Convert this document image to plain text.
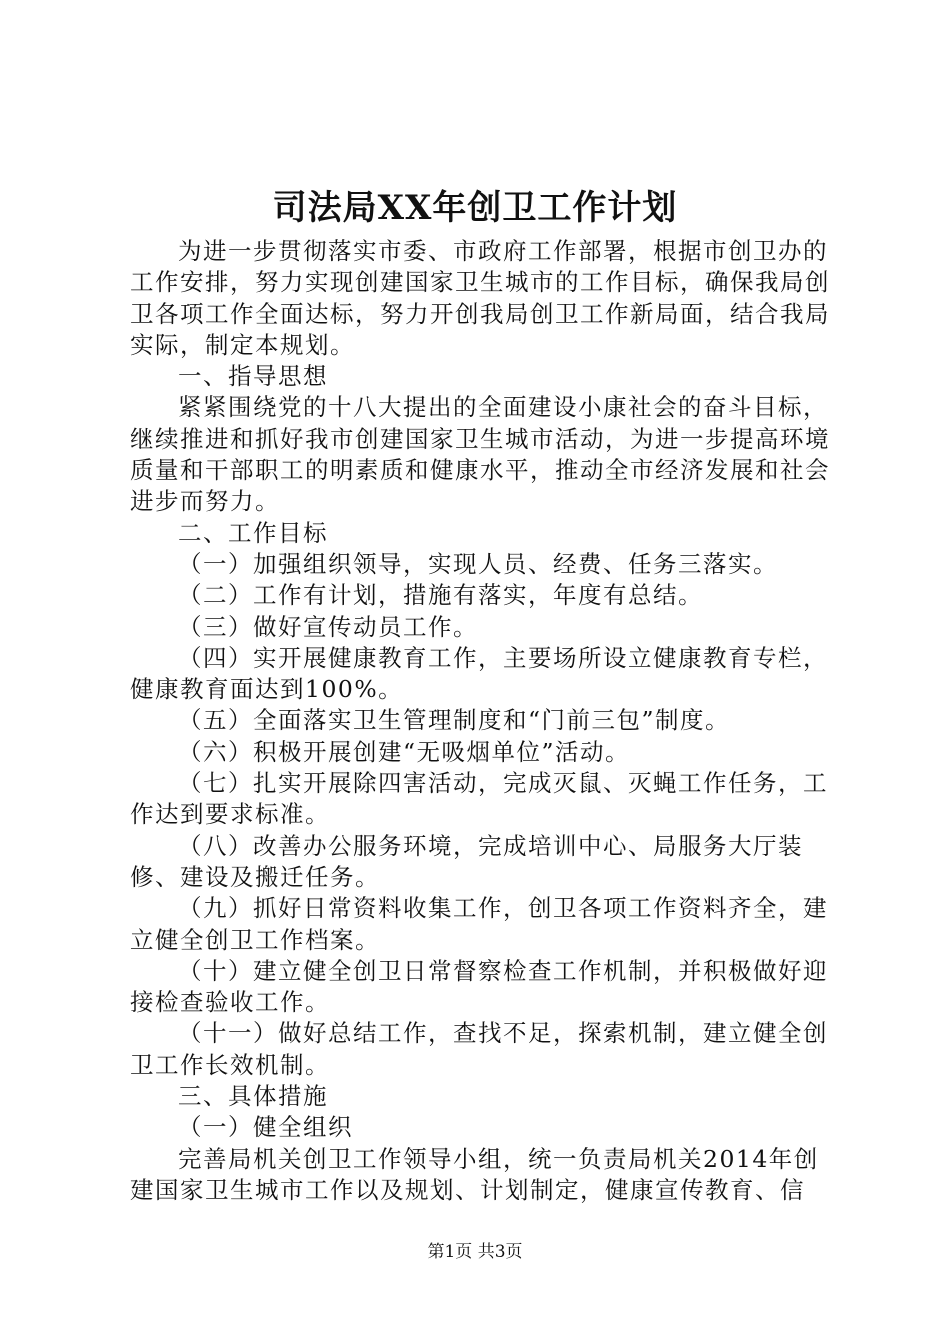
司法局XX年创卫工作计划

为进一步贯彻落实市委、市政府工作部署，根据市创卫办的工作安排，努力实现创建国家卫生城市的工作目标，确保我局创卫各项工作全面达标，努力开创我局创卫工作新局面，结合我局实际，制定本规划。

一、指导思想

紧紧围绕党的十八大提出的全面建设小康社会的奋斗目标，继续推进和抓好我市创建国家卫生城市活动，为进一步提高环境质量和干部职工的明素质和健康水平，推动全市经济发展和社会进步而努力。

二、工作目标

（一）加强组织领导，实现人员、经费、任务三落实。

（二）工作有计划，措施有落实，年度有总结。

（三）做好宣传动员工作。

（四）实开展健康教育工作，主要场所设立健康教育专栏，健康教育面达到100%。

（五）全面落实卫生管理制度和“门前三包”制度。

（六）积极开展创建“无吸烟单位”活动。

（七）扎实开展除四害活动，完成灭鼠、灭蝇工作任务，工作达到要求标准。

（八）改善办公服务环境，完成培训中心、局服务大厅装修、建设及搬迁任务。

（九）抓好日常资料收集工作，创卫各项工作资料齐全，建立健全创卫工作档案。

（十）建立健全创卫日常督察检查工作机制，并积极做好迎接检查验收工作。

（十一）做好总结工作，查找不足，探索机制，建立健全创卫工作长效机制。

三、具体措施

（一）健全组织

完善局机关创卫工作领导小组，统一负责局机关2014年创建国家卫生城市工作以及规划、计划制定，健康宣传教育、信

第1页 共3页
